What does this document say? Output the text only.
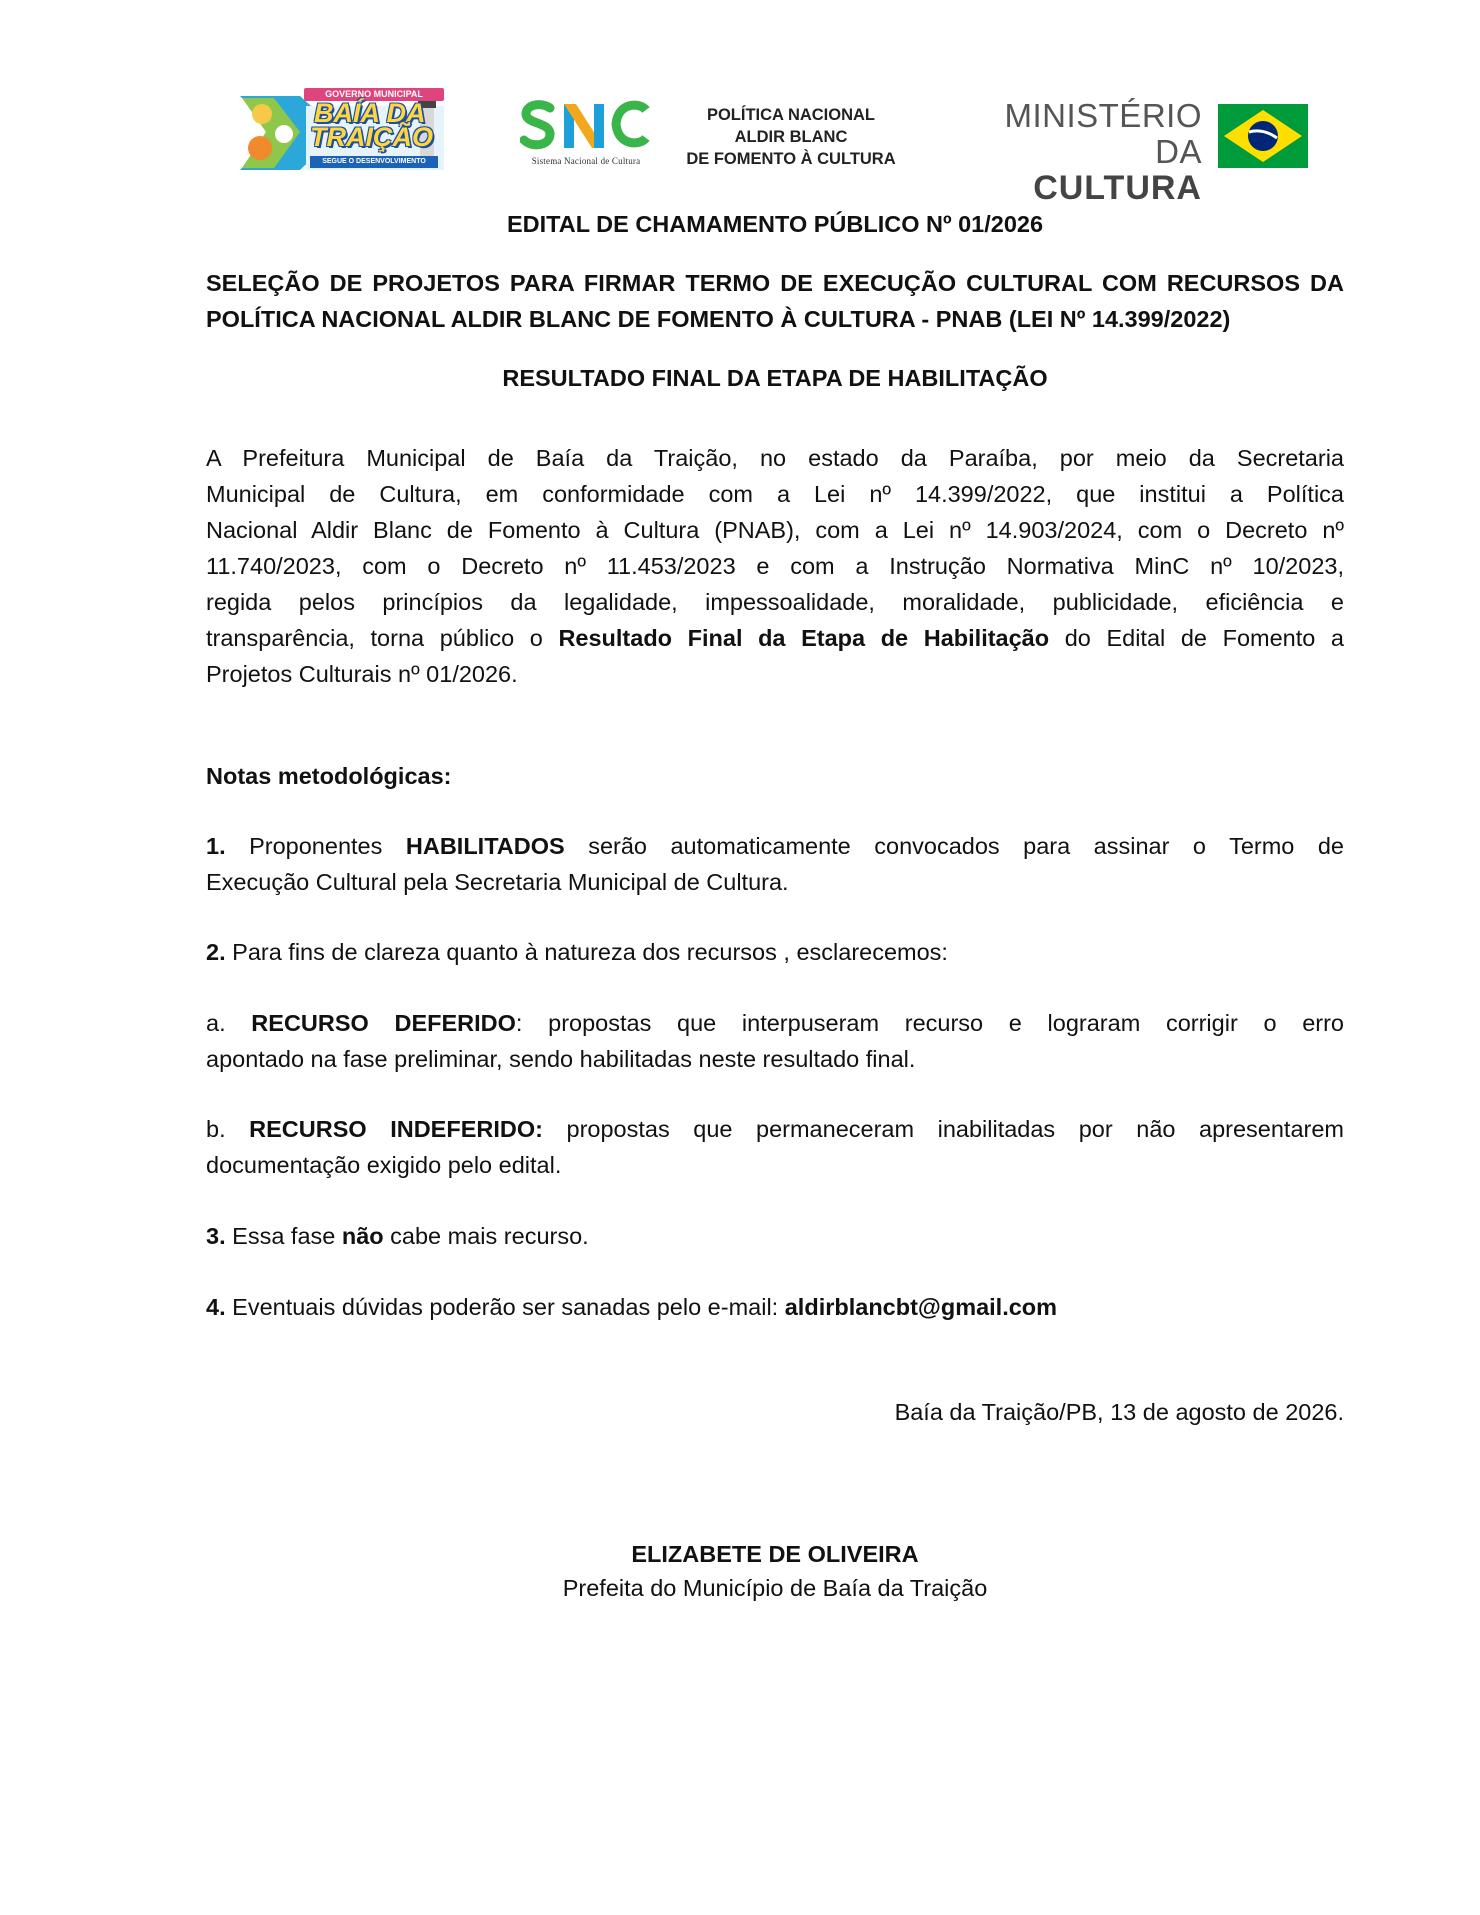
GOVERNO MUNICIPAL
BAÍA DA
TRAIÇÃO
SEGUE O DESENVOLVIMENTO	Sistema Nacional de Cultura
POLÍTICA NACIONAL
ALDIR BLANC
DE FOMENTO À CULTURA
MINISTÉRIO DA
CULTURA
EDITAL DE CHAMAMENTO PÚBLICO Nº 01/2026
SELEÇÃO DE PROJETOS PARA FIRMAR TERMO DE EXECUÇÃO CULTURAL COM RECURSOS DA
POLÍTICA NACIONAL ALDIR BLANC DE FOMENTO À CULTURA - PNAB (LEI Nº 14.399/2022)
RESULTADO FINAL DA ETAPA DE HABILITAÇÃO
A Prefeitura Municipal de Baía da Traição, no estado da Paraíba, por meio da Secretaria
Municipal de Cultura, em conformidade com a Lei nº 14.399/2022, que institui a Política
Nacional Aldir Blanc de Fomento à Cultura (PNAB), com a Lei nº 14.903/2024, com o Decreto nº
11.740/2023, com o Decreto nº 11.453/2023 e com a Instrução Normativa MinC nº 10/2023,
regida pelos princípios da legalidade, impessoalidade, moralidade, publicidade, eficiência e
transparência, torna público o Resultado Final da Etapa de Habilitação do Edital de Fomento a
Projetos Culturais nº 01/2026.
Notas metodológicas:
1. Proponentes HABILITADOS serão automaticamente convocados para assinar o Termo de
Execução Cultural pela Secretaria Municipal de Cultura.
2. Para fins de clareza quanto à natureza dos recursos , esclarecemos:
a. RECURSO DEFERIDO: propostas que interpuseram recurso e lograram corrigir o erro
apontado na fase preliminar, sendo habilitadas neste resultado final.
b. RECURSO INDEFERIDO: propostas que permaneceram inabilitadas por não apresentarem
documentação exigido pelo edital.
3. Essa fase não cabe mais recurso.
4. Eventuais dúvidas poderão ser sanadas pelo e-mail: aldirblancbt@gmail.com
Baía da Traição/PB, 13 de agosto de 2026.
ELIZABETE DE OLIVEIRA
Prefeita do Município de Baía da Traição
